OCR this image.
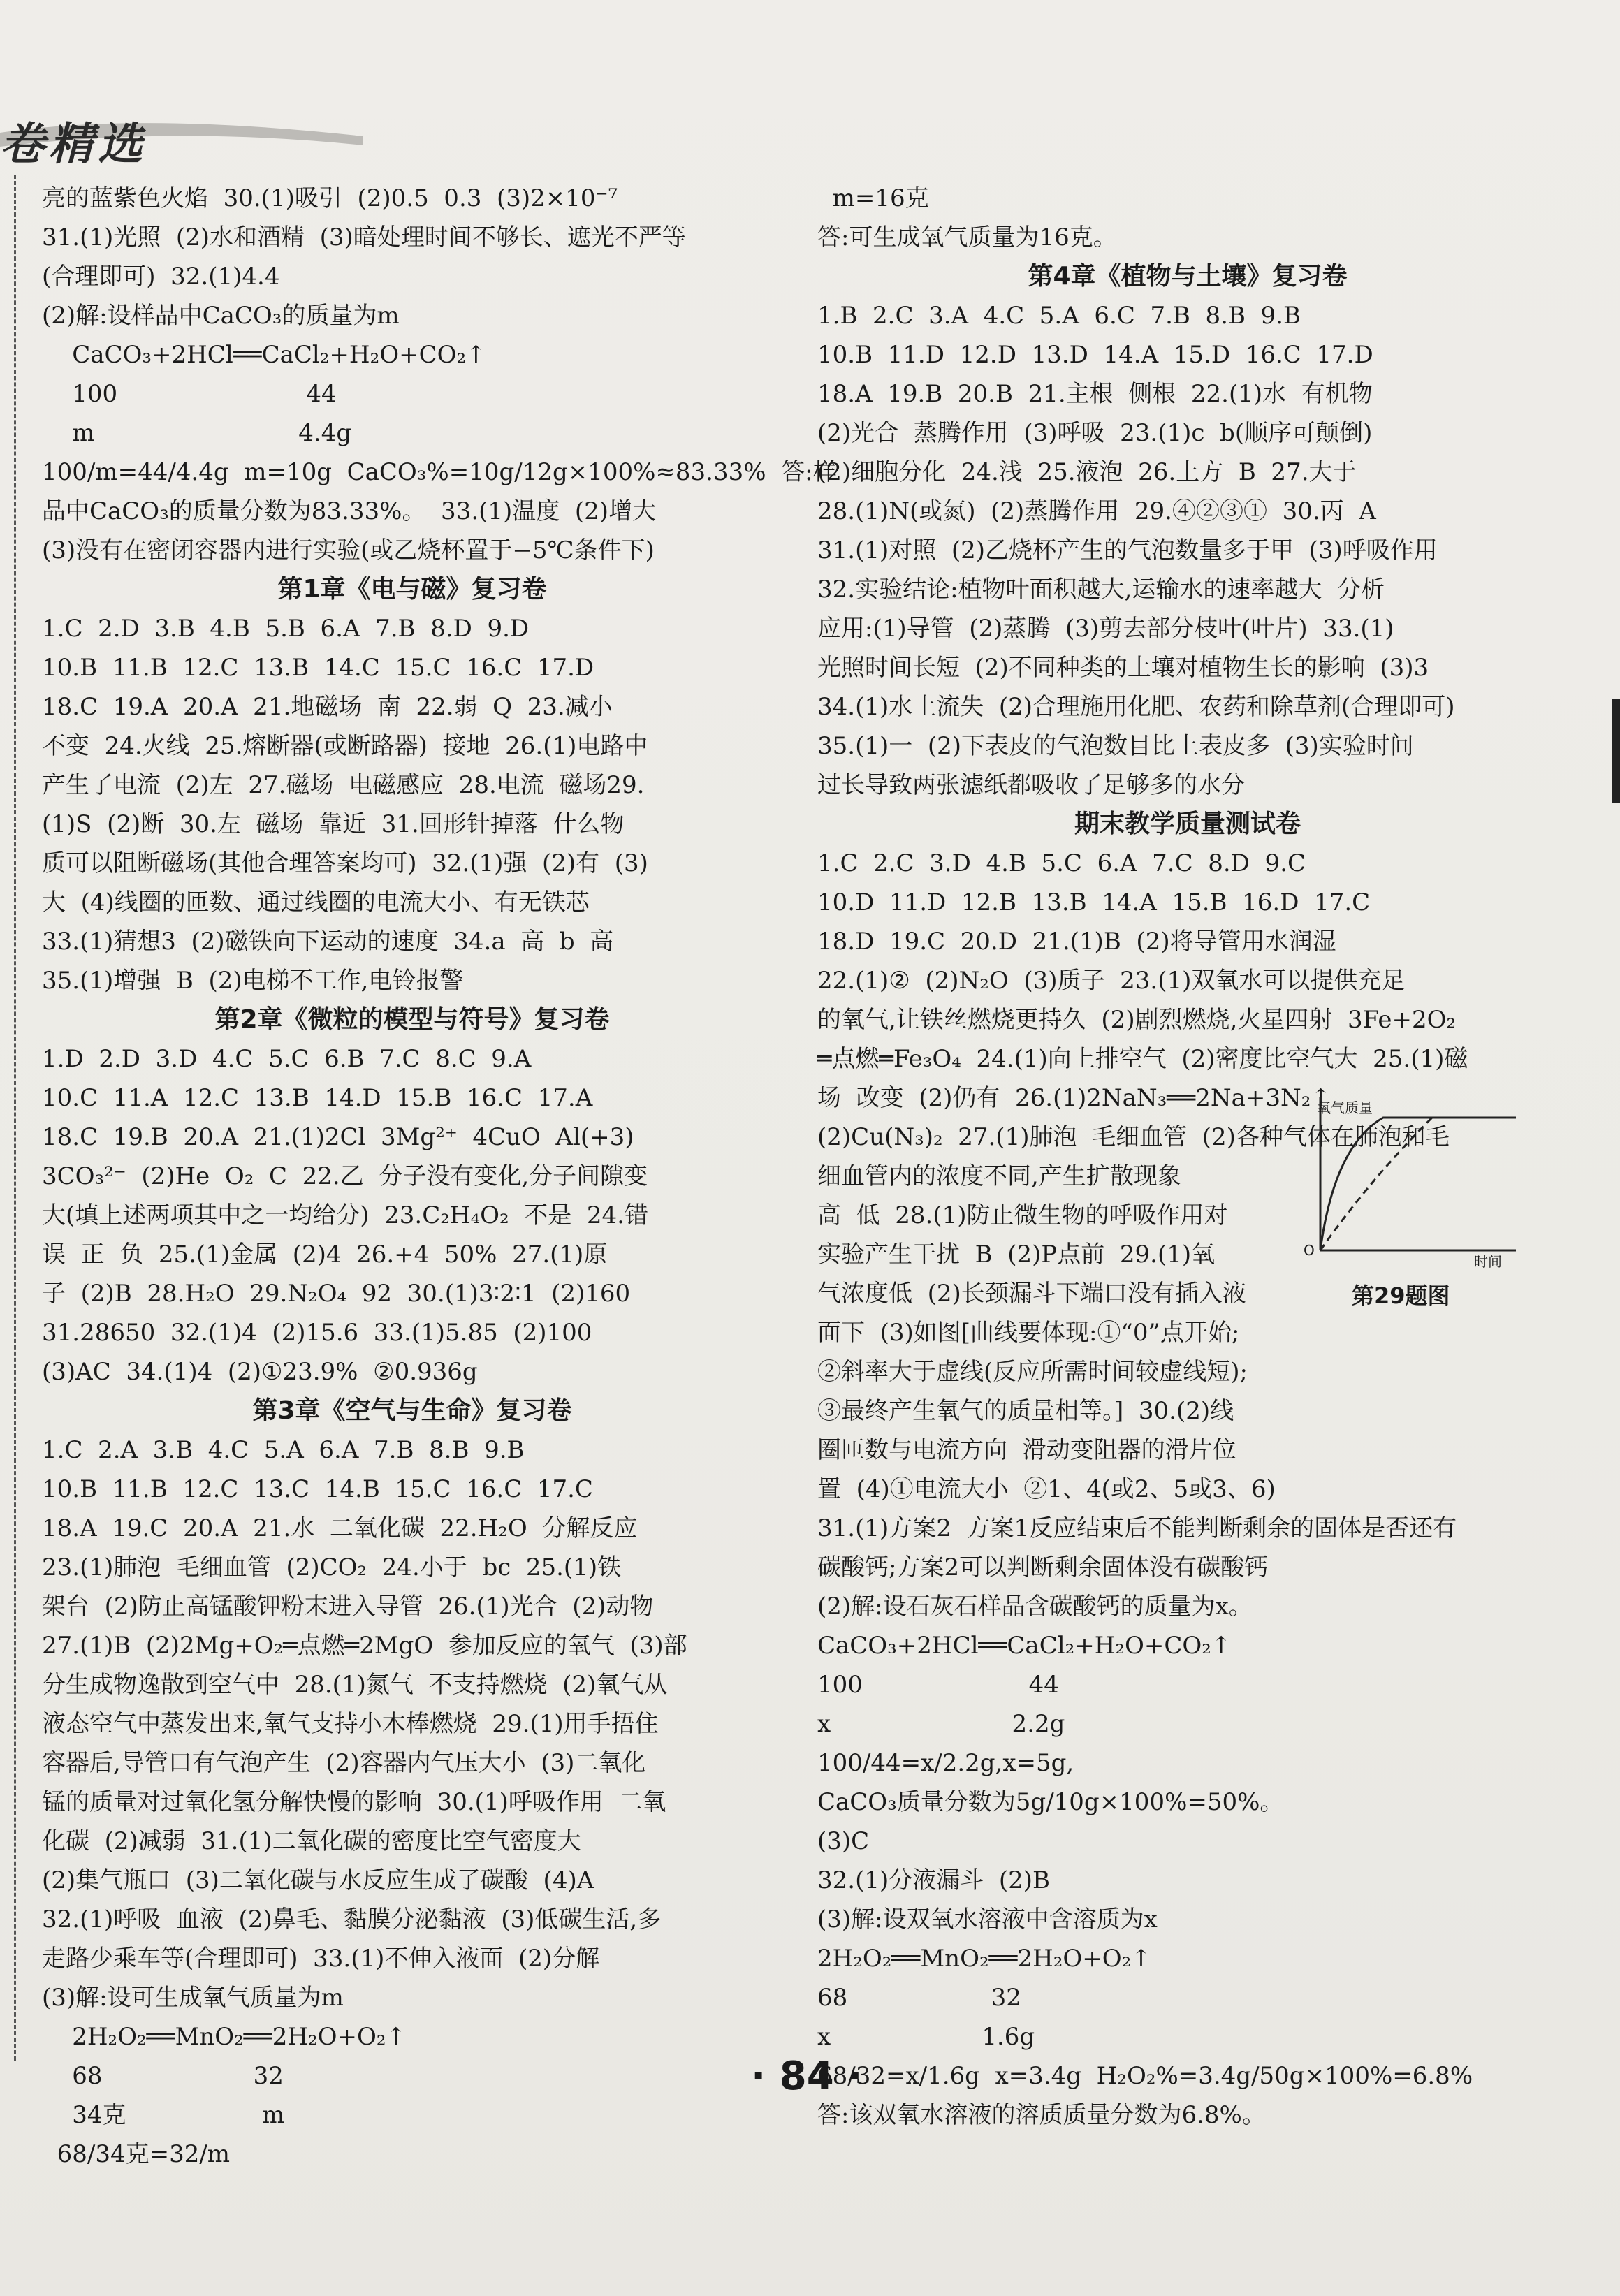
卷精选
亮的蓝紫色火焰  30.(1)吸引  (2)0.5  0.3  (3)2×10⁻⁷
31.(1)光照  (2)水和酒精  (3)暗处理时间不够长、遮光不严等
(合理即可)  32.(1)4.4
(2)解:设样品中CaCO₃的质量为m
CaCO₃+2HCl══CaCl₂+H₂O+CO₂↑
100                         44
m                           4.4g
100/m=44/4.4g  m=10g  CaCO₃%=10g/12g×100%≈83.33%  答:样
品中CaCO₃的质量分数为83.33%。  33.(1)温度  (2)增大
(3)没有在密闭容器内进行实验(或乙烧杯置于−5℃条件下)
第1章《电与磁》复习卷
1.C  2.D  3.B  4.B  5.B  6.A  7.B  8.D  9.D
10.B  11.B  12.C  13.B  14.C  15.C  16.C  17.D
18.C  19.A  20.A  21.地磁场  南  22.弱  Q  23.减小
不变  24.火线  25.熔断器(或断路器)  接地  26.(1)电路中
产生了电流  (2)左  27.磁场  电磁感应  28.电流  磁场29.
(1)S  (2)断  30.左  磁场  靠近  31.回形针掉落  什么物
质可以阻断磁场(其他合理答案均可)  32.(1)强  (2)有  (3)
大  (4)线圈的匝数、通过线圈的电流大小、有无铁芯
33.(1)猜想3  (2)磁铁向下运动的速度  34.a  高  b  高
35.(1)增强  B  (2)电梯不工作,电铃报警
第2章《微粒的模型与符号》复习卷
1.D  2.D  3.D  4.C  5.C  6.B  7.C  8.C  9.A
10.C  11.A  12.C  13.B  14.D  15.B  16.C  17.A
18.C  19.B  20.A  21.(1)2Cl  3Mg²⁺  4CuO  Al(+3)
3CO₃²⁻  (2)He  O₂  C  22.乙  分子没有变化,分子间隙变
大(填上述两项其中之一均给分)  23.C₂H₄O₂  不是  24.错
误  正  负  25.(1)金属  (2)4  26.+4  50%  27.(1)原
子  (2)B  28.H₂O  29.N₂O₄  92  30.(1)3∶2∶1  (2)160
31.28650  32.(1)4  (2)15.6  33.(1)5.85  (2)100
(3)AC  34.(1)4  (2)①23.9%  ②0.936g
第3章《空气与生命》复习卷
1.C  2.A  3.B  4.C  5.A  6.A  7.B  8.B  9.B
10.B  11.B  12.C  13.C  14.B  15.C  16.C  17.C
18.A  19.C  20.A  21.水  二氧化碳  22.H₂O  分解反应
23.(1)肺泡  毛细血管  (2)CO₂  24.小于  bc  25.(1)铁
架台  (2)防止高锰酸钾粉末进入导管  26.(1)光合  (2)动物
27.(1)B  (2)2Mg+O₂═点燃═2MgO  参加反应的氧气  (3)部
分生成物逸散到空气中  28.(1)氮气  不支持燃烧  (2)氧气从
液态空气中蒸发出来,氧气支持小木棒燃烧  29.(1)用手捂住
容器后,导管口有气泡产生  (2)容器内气压大小  (3)二氧化
锰的质量对过氧化氢分解快慢的影响  30.(1)呼吸作用  二氧
化碳  (2)减弱  31.(1)二氧化碳的密度比空气密度大
(2)集气瓶口  (3)二氧化碳与水反应生成了碳酸  (4)A
32.(1)呼吸  血液  (2)鼻毛、黏膜分泌黏液  (3)低碳生活,多
走路少乘车等(合理即可)  33.(1)不伸入液面  (2)分解
(3)解:设可生成氧气质量为m
2H₂O₂══MnO₂══2H₂O+O₂↑
68                    32
34克                  m
68/34克=32/m
m=16克
答:可生成氧气质量为16克。
第4章《植物与土壤》复习卷
1.B  2.C  3.A  4.C  5.A  6.C  7.B  8.B  9.B
10.B  11.D  12.D  13.D  14.A  15.D  16.C  17.D
18.A  19.B  20.B  21.主根  侧根  22.(1)水  有机物
(2)光合  蒸腾作用  (3)呼吸  23.(1)c  b(顺序可颠倒)
(2)细胞分化  24.浅  25.液泡  26.上方  B  27.大于
28.(1)N(或氮)  (2)蒸腾作用  29.④②③①  30.丙  A
31.(1)对照  (2)乙烧杯产生的气泡数量多于甲  (3)呼吸作用
32.实验结论:植物叶面积越大,运输水的速率越大  分析
应用:(1)导管  (2)蒸腾  (3)剪去部分枝叶(叶片)  33.(1)
光照时间长短  (2)不同种类的土壤对植物生长的影响  (3)3
34.(1)水土流失  (2)合理施用化肥、农药和除草剂(合理即可)
35.(1)一  (2)下表皮的气泡数目比上表皮多  (3)实验时间
过长导致两张滤纸都吸收了足够多的水分
期末教学质量测试卷
1.C  2.C  3.D  4.B  5.C  6.A  7.C  8.D  9.C
10.D  11.D  12.B  13.B  14.A  15.B  16.D  17.C
18.D  19.C  20.D  21.(1)B  (2)将导管用水润湿
22.(1)②  (2)N₂O  (3)质子  23.(1)双氧水可以提供充足
的氧气,让铁丝燃烧更持久  (2)剧烈燃烧,火星四射  3Fe+2O₂
═点燃═Fe₃O₄  24.(1)向上排空气  (2)密度比空气大  25.(1)磁
场  改变  (2)仍有  26.(1)2NaN₃══2Na+3N₂↑
(2)Cu(N₃)₂  27.(1)肺泡  毛细血管  (2)各种气体在肺泡和毛
细血管内的浓度不同,产生扩散现象
高  低  28.(1)防止微生物的呼吸作用对
实验产生干扰  B  (2)P点前  29.(1)氧
气浓度低  (2)长颈漏斗下端口没有插入液
面下  (3)如图[曲线要体现:①“0”点开始;
②斜率大于虚线(反应所需时间较虚线短);
③最终产生氧气的质量相等。]  30.(2)线
圈匝数与电流方向  滑动变阻器的滑片位
置  (4)①电流大小  ②1、4(或2、5或3、6)
31.(1)方案2  方案1反应结束后不能判断剩余的固体是否还有
碳酸钙;方案2可以判断剩余固体没有碳酸钙
(2)解:设石灰石样品含碳酸钙的质量为x。
CaCO₃+2HCl══CaCl₂+H₂O+CO₂↑
100                      44
x                        2.2g
100/44=x/2.2g,x=5g,
CaCO₃质量分数为5g/10g×100%=50%。
(3)C
32.(1)分液漏斗  (2)B
(3)解:设双氧水溶液中含溶质为x
2H₂O₂══MnO₂══2H₂O+O₂↑
68                   32
x                    1.6g
68/32=x/1.6g  x=3.4g  H₂O₂%=3.4g/50g×100%=6.8%
答:该双氧水溶液的溶质质量分数为6.8%。
氧气质量
时间
O
第29题图
· 84 ·
